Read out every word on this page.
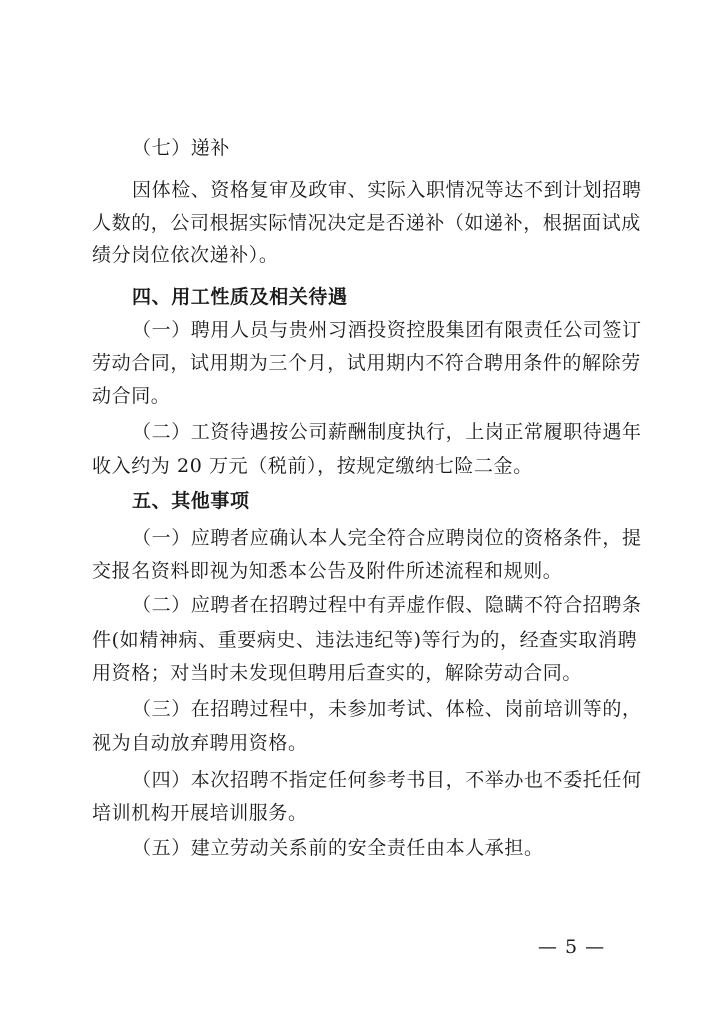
（七）递补
因体检、资格复审及政审、实际入职情况等达不到计划招聘
人数的，公司根据实际情况决定是否递补（如递补，根据面试成
绩分岗位依次递补）。
四、用工性质及相关待遇
（一）聘用人员与贵州习酒投资控股集团有限责任公司签订
劳动合同，试用期为三个月，试用期内不符合聘用条件的解除劳
动合同。
（二）工资待遇按公司薪酬制度执行，上岗正常履职待遇年
收入约为 20 万元（税前），按规定缴纳七险二金。
五、其他事项
（一）应聘者应确认本人完全符合应聘岗位的资格条件，提
交报名资料即视为知悉本公告及附件所述流程和规则。
（二）应聘者在招聘过程中有弄虚作假、隐瞒不符合招聘条
件(如精神病、重要病史、违法违纪等)等行为的，经查实取消聘
用资格；对当时未发现但聘用后查实的，解除劳动合同。
（三）在招聘过程中，未参加考试、体检、岗前培训等的，
视为自动放弃聘用资格。
（四）本次招聘不指定任何参考书目，不举办也不委托任何
培训机构开展培训服务。
（五）建立劳动关系前的安全责任由本人承担。
— 5 —
